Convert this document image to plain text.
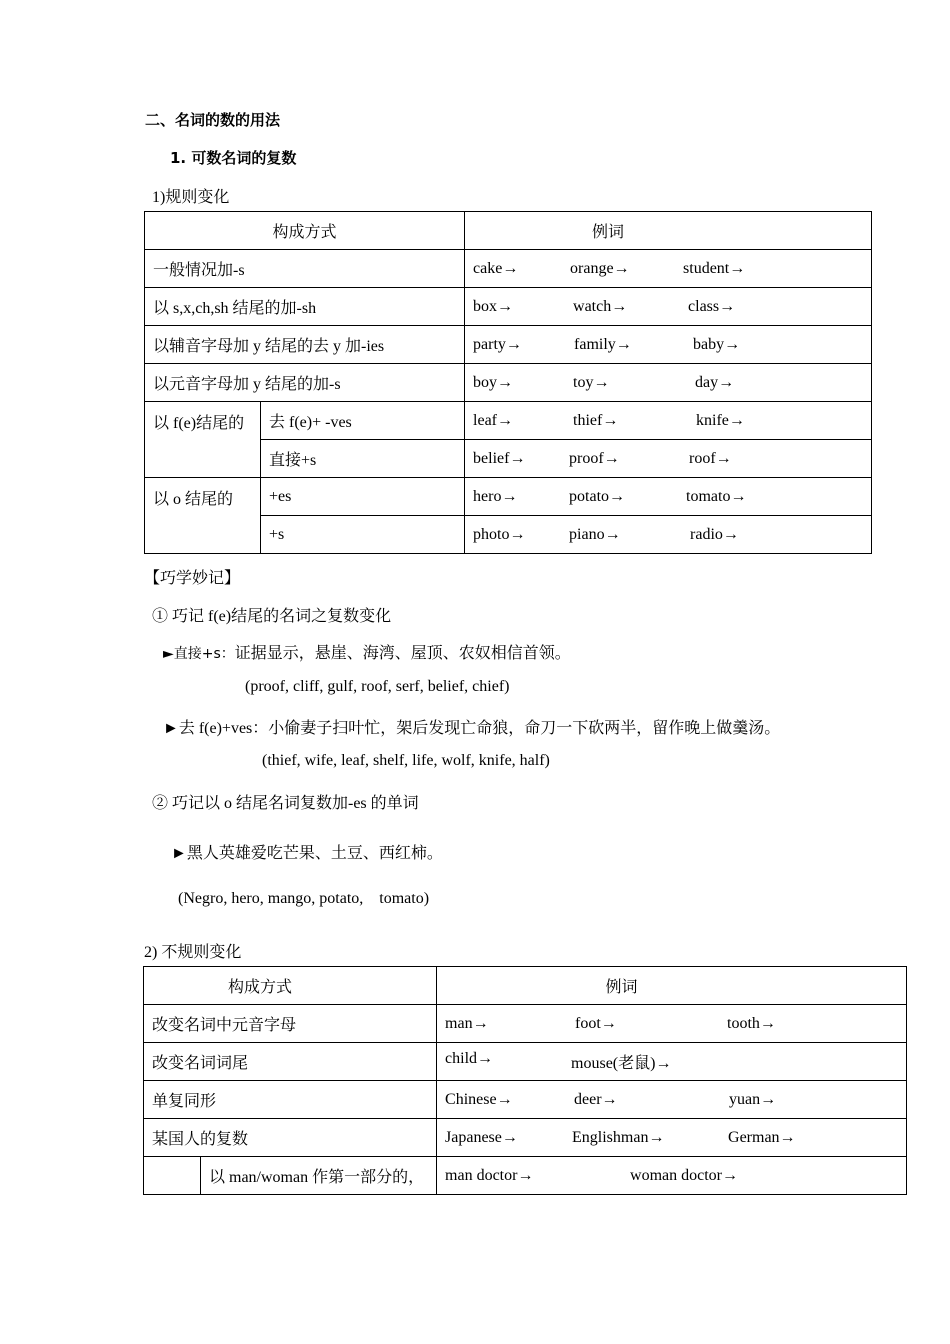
二、名词的数的用法
1. 可数名词的复数
1)规则变化
构成方式		例词
一般情况加-s		cake→ orange→ student→

以 s,x,ch,sh 结尾的加-sh		box→ watch→ class→

以辅音字母加 y 结尾的去 y 加-ies		party→ family→ baby→

以元音字母加 y 结尾的加-s		boy→ toy→ day→

以 f(e)结尾的	去 f(e)+ -ves	leaf→ thief→ knife→

	直接+s	belief→ proof→ roof→

以 o 结尾的	+es	hero→ potato→ tomato→

	+s	photo→ piano→ radio→
【巧学妙记】
① 巧记 f(e)结尾的名词之复数变化
►直接+s：证据显示，悬崖、海湾、屋顶、农奴相信首领。
(proof, cliff, gulf, roof, serf, belief, chief)
►去 f(e)+ves：小偷妻子扫叶忙，架后发现亡命狼，命刀一下砍两半，留作晚上做羹汤。
(thief, wife, leaf, shelf, life, wolf, knife, half)
② 巧记以 o 结尾名词复数加-es 的单词
►黑人英雄爱吃芒果、土豆、西红柿。
(Negro, hero, mango, potato,    tomato)
2) 不规则变化
构成方式		例词
改变名词中元音字母		man→ foot→ tooth→

改变名词词尾		child→ mouse(老鼠)→

单复同形		Chinese→ deer→ yuan→

某国人的复数		Japanese→ Englishman→ German→

	以 man/woman 作第一部分的，	man doctor→ woman doctor→
